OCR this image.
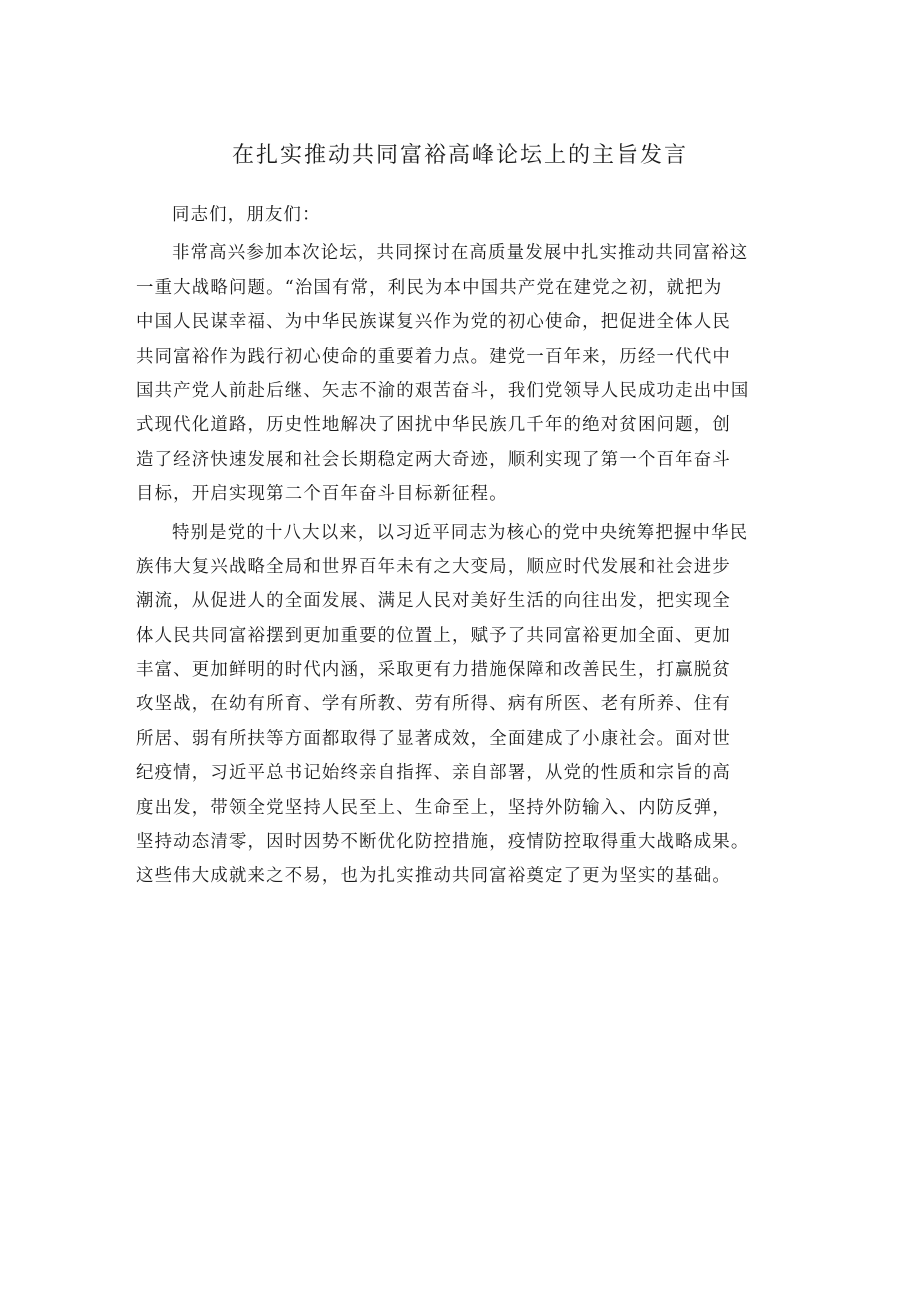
在扎实推动共同富裕高峰论坛上的主旨发言
同志们，朋友们：
非常高兴参加本次论坛，共同探讨在高质量发展中扎实推动共同富裕这
一重大战略问题。“治国有常，利民为本中国共产党在建党之初，就把为
中国人民谋幸福、为中华民族谋复兴作为党的初心使命，把促进全体人民
共同富裕作为践行初心使命的重要着力点。建党一百年来，历经一代代中
国共产党人前赴后继、矢志不渝的艰苦奋斗，我们党领导人民成功走出中国
式现代化道路，历史性地解决了困扰中华民族几千年的绝对贫困问题，创
造了经济快速发展和社会长期稳定两大奇迹，顺利实现了第一个百年奋斗
目标，开启实现第二个百年奋斗目标新征程。
特别是党的十八大以来，以习近平同志为核心的党中央统筹把握中华民
族伟大复兴战略全局和世界百年未有之大变局，顺应时代发展和社会进步
潮流，从促进人的全面发展、满足人民对美好生活的向往出发，把实现全
体人民共同富裕摆到更加重要的位置上，赋予了共同富裕更加全面、更加
丰富、更加鲜明的时代内涵，采取更有力措施保障和改善民生，打赢脱贫
攻坚战，在幼有所育、学有所教、劳有所得、病有所医、老有所养、住有
所居、弱有所扶等方面都取得了显著成效，全面建成了小康社会。面对世
纪疫情，习近平总书记始终亲自指挥、亲自部署，从党的性质和宗旨的高
度出发，带领全党坚持人民至上、生命至上，坚持外防输入、内防反弹，
坚持动态清零，因时因势不断优化防控措施，疫情防控取得重大战略成果。
这些伟大成就来之不易，也为扎实推动共同富裕奠定了更为坚实的基础。
